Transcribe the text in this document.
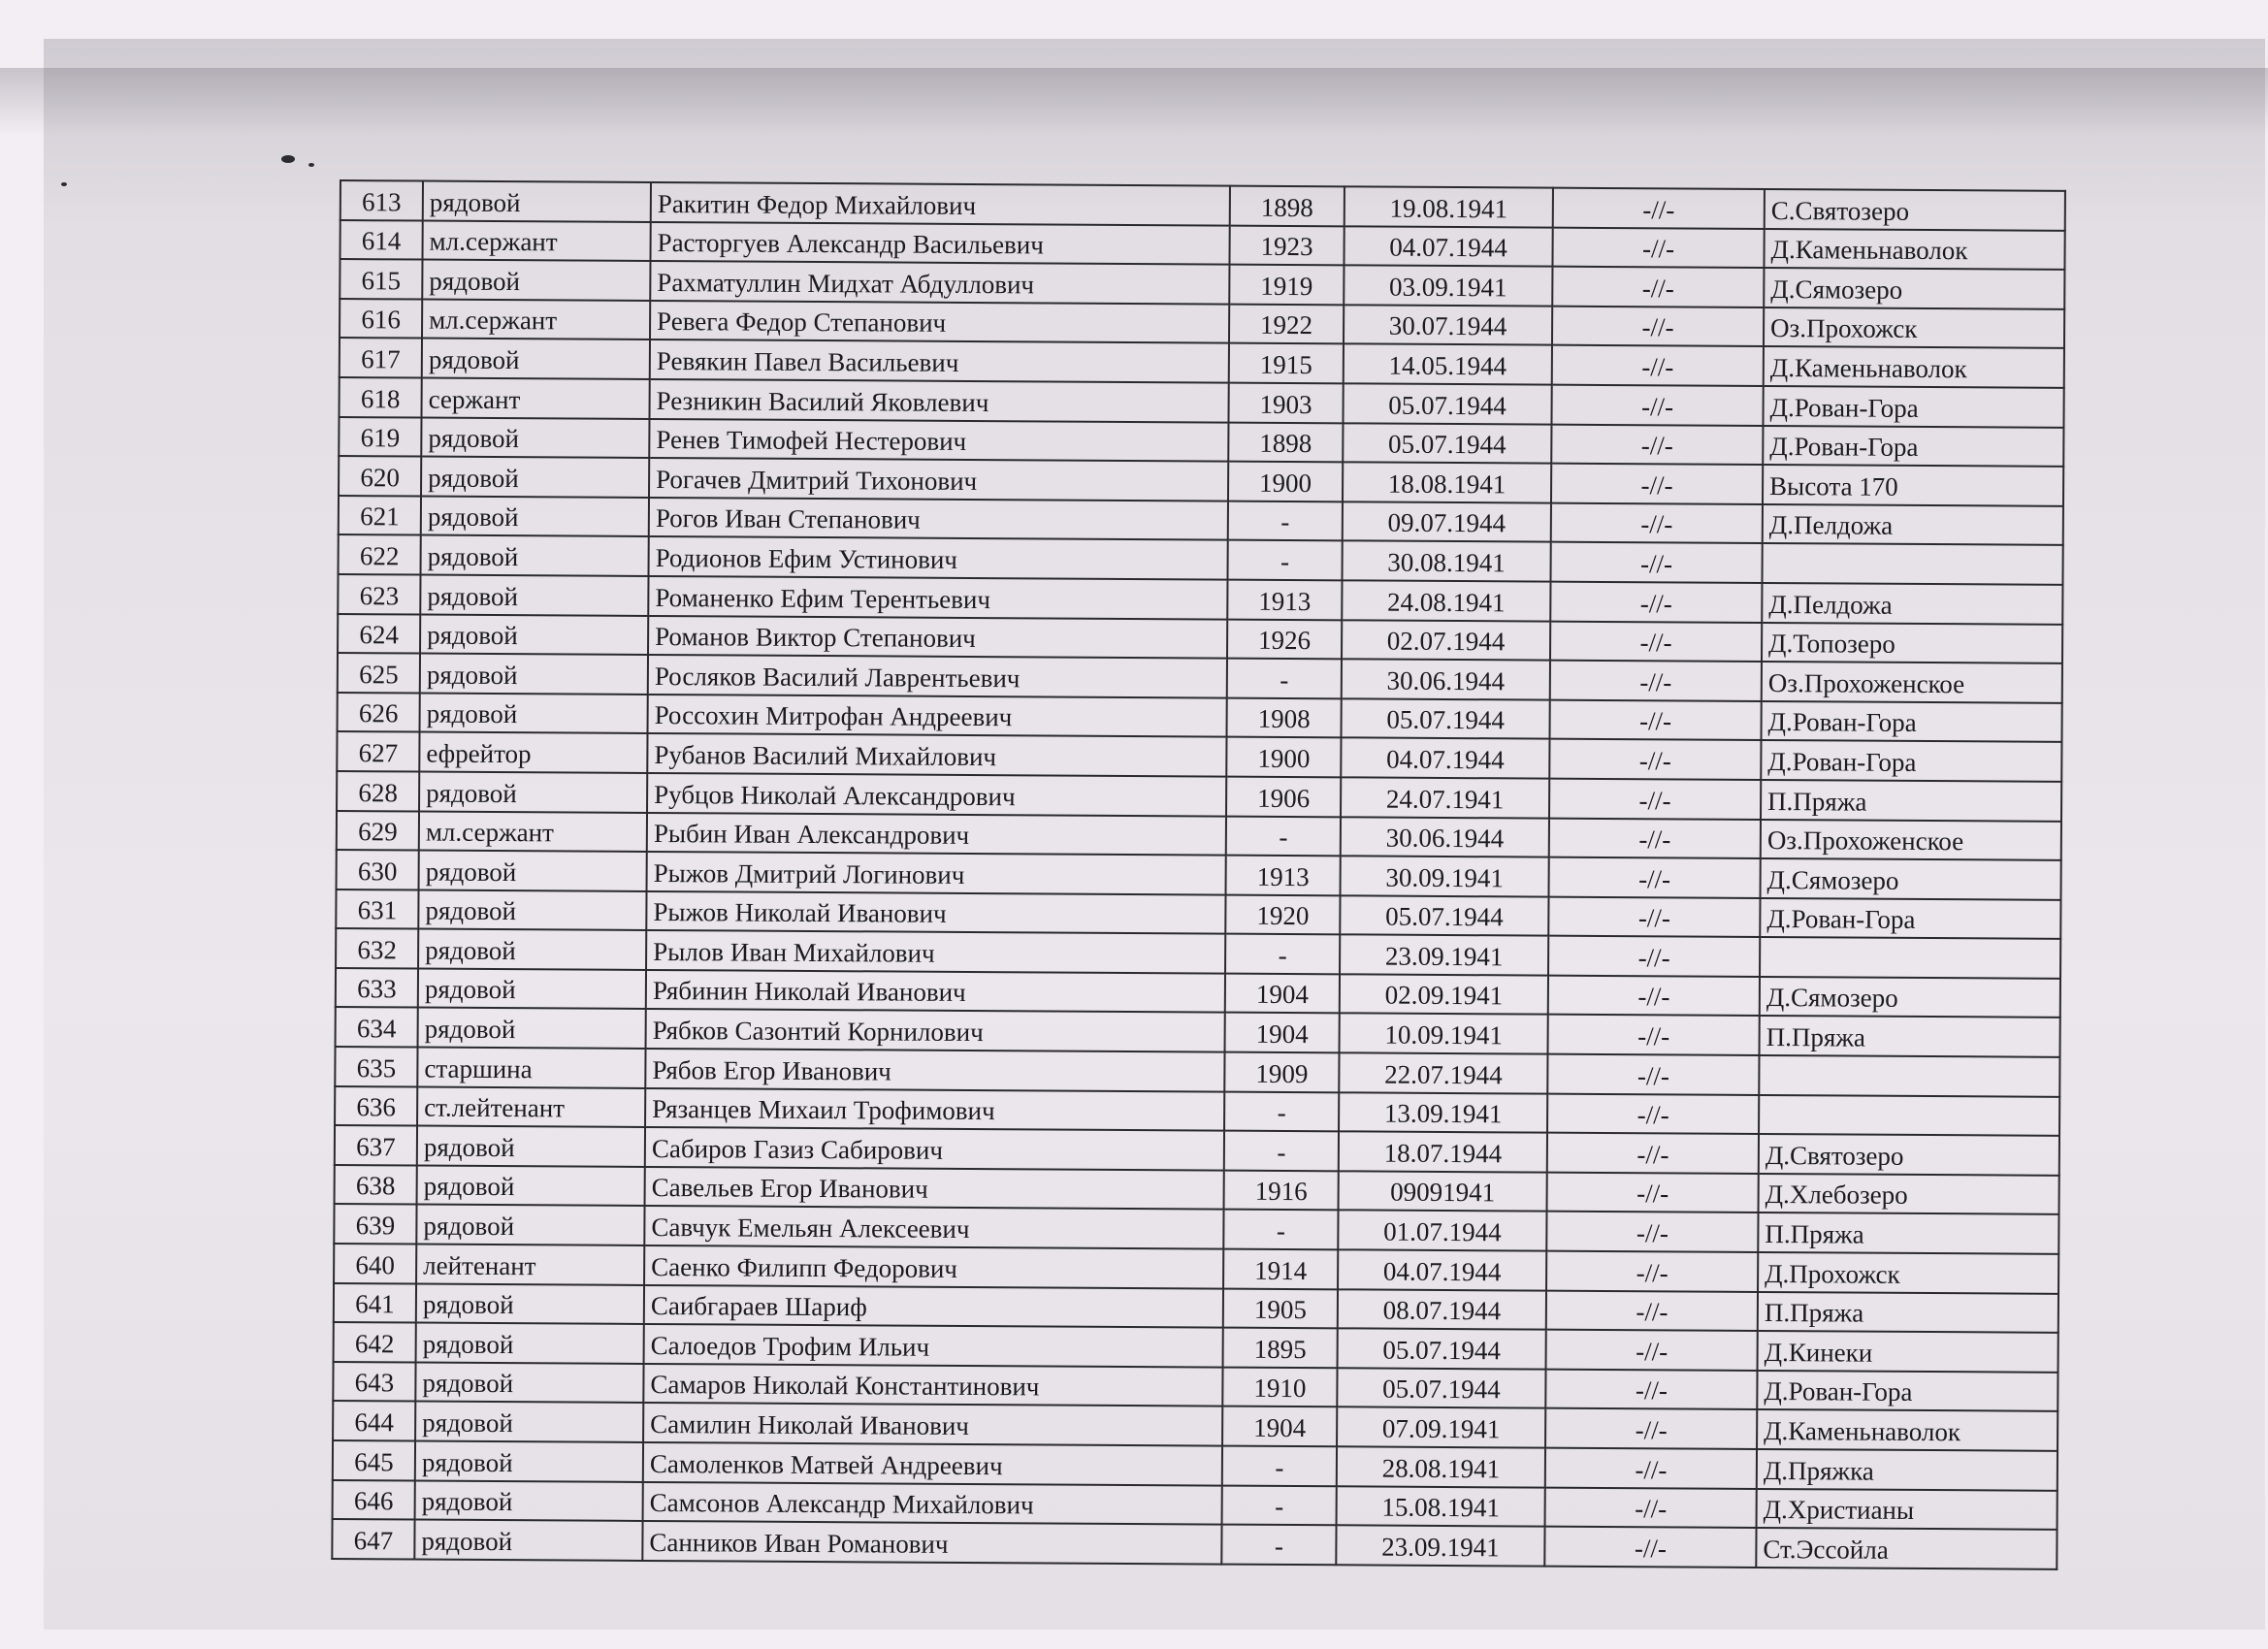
613	рядовой	Ракитин Федор Михайлович	1898	19.08.1941	-//-	С.Святозеро
614	мл.сержант	Расторгуев Александр Васильевич	1923	04.07.1944	-//-	Д.Каменьнаволок
615	рядовой	Рахматуллин Мидхат Абдуллович	1919	03.09.1941	-//-	Д.Сямозеро
616	мл.сержант	Ревега Федор Степанович	1922	30.07.1944	-//-	Оз.Прохожск
617	рядовой	Ревякин Павел Васильевич	1915	14.05.1944	-//-	Д.Каменьнаволок
618	сержант	Резникин Василий Яковлевич	1903	05.07.1944	-//-	Д.Рован-Гора
619	рядовой	Ренев Тимофей Нестерович	1898	05.07.1944	-//-	Д.Рован-Гора
620	рядовой	Рогачев Дмитрий Тихонович	1900	18.08.1941	-//-	Высота 170
621	рядовой	Рогов Иван Степанович	-	09.07.1944	-//-	Д.Пелдожа
622	рядовой	Родионов Ефим Устинович	-	30.08.1941	-//-	
623	рядовой	Романенко Ефим Терентьевич	1913	24.08.1941	-//-	Д.Пелдожа
624	рядовой	Романов Виктор Степанович	1926	02.07.1944	-//-	Д.Топозеро
625	рядовой	Росляков Василий Лаврентьевич	-	30.06.1944	-//-	Оз.Прохоженское
626	рядовой	Россохин Митрофан Андреевич	1908	05.07.1944	-//-	Д.Рован-Гора
627	ефрейтор	Рубанов Василий Михайлович	1900	04.07.1944	-//-	Д.Рован-Гора
628	рядовой	Рубцов Николай Александрович	1906	24.07.1941	-//-	П.Пряжа
629	мл.сержант	Рыбин Иван Александрович	-	30.06.1944	-//-	Оз.Прохоженское
630	рядовой	Рыжов Дмитрий Логинович	1913	30.09.1941	-//-	Д.Сямозеро
631	рядовой	Рыжов Николай Иванович	1920	05.07.1944	-//-	Д.Рован-Гора
632	рядовой	Рылов Иван Михайлович	-	23.09.1941	-//-	
633	рядовой	Рябинин Николай Иванович	1904	02.09.1941	-//-	Д.Сямозеро
634	рядовой	Рябков Сазонтий Корнилович	1904	10.09.1941	-//-	П.Пряжа
635	старшина	Рябов Егор Иванович	1909	22.07.1944	-//-	
636	ст.лейтенант	Рязанцев Михаил Трофимович	-	13.09.1941	-//-	
637	рядовой	Сабиров Газиз Сабирович	-	18.07.1944	-//-	Д.Святозеро
638	рядовой	Савельев Егор Иванович	1916	09091941	-//-	Д.Хлебозеро
639	рядовой	Савчук Емельян Алексеевич	-	01.07.1944	-//-	П.Пряжа
640	лейтенант	Саенко Филипп Федорович	1914	04.07.1944	-//-	Д.Прохожск
641	рядовой	Саибгараев Шариф	1905	08.07.1944	-//-	П.Пряжа
642	рядовой	Салоедов Трофим Ильич	1895	05.07.1944	-//-	Д.Кинеки
643	рядовой	Самаров Николай Константинович	1910	05.07.1944	-//-	Д.Рован-Гора
644	рядовой	Самилин Николай Иванович	1904	07.09.1941	-//-	Д.Каменьнаволок
645	рядовой	Самоленков Матвей Андреевич	-	28.08.1941	-//-	Д.Пряжка
646	рядовой	Самсонов Александр Михайлович	-	15.08.1941	-//-	Д.Христианы
647	рядовой	Санников Иван Романович	-	23.09.1941	-//-	Ст.Эссойла
